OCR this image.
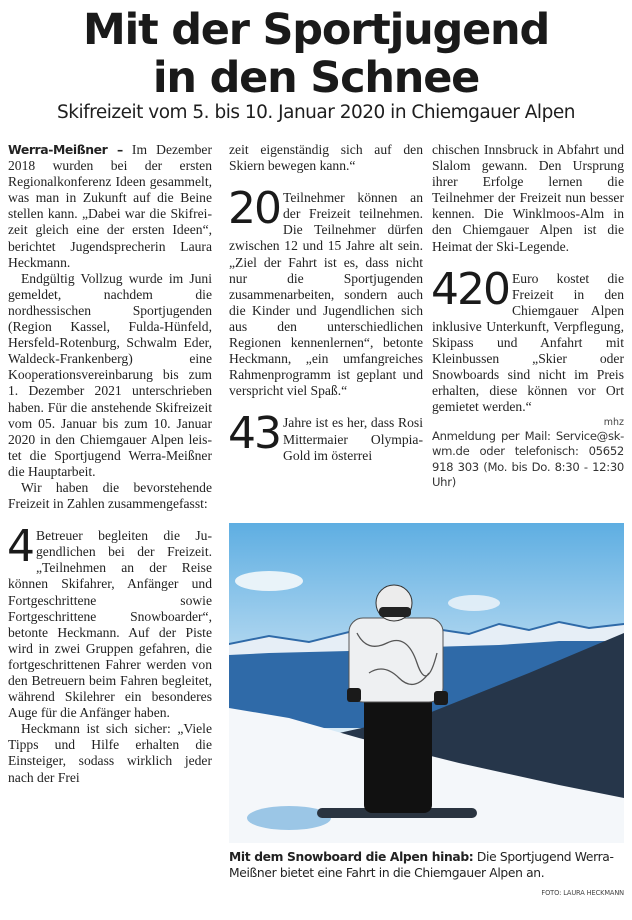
Mit der Sportjugend
in den Schnee
Skifreizeit vom 5. bis 10. Januar 2020 in Chiemgauer Alpen

Werra-Meißner – Im Dezember 2018 wurden bei der ersten Regionalkonferenz Ideen gesammelt, was man in Zukunft auf die Beine stellen kann. „Dabei war die Skifreizeit gleich eine der ersten Ideen“, berichtet Jugendsprecherin Laura Heckmann.

Endgültig Vollzug wurde im Juni gemeldet, nachdem die nordhessischen Sportjugenden (Region Kassel, Fulda-Hünfeld, Hersfeld-Rotenburg, Schwalm Eder, Waldeck-Frankenberg) eine Kooperationsvereinbarung bis zum 1. Dezember 2021 unterschrieben haben. Für die anstehende Skifreizeit vom 05. Januar bis zum 10. Januar 2020 in den Chiemgauer Alpen leistet die Sportjugend Werra-Meißner die Hauptarbeit.

Wir haben die bevorstehende Freizeit in Zahlen zusammengefasst:

4 Betreuer begleiten die Jugendlichen bei der Freizeit. „Teilnehmen an der Reise können Skifahrer, Anfänger und Fortgeschrittene sowie Fortgeschrittene Snowboarder“, betonte Heckmann. Auf der Piste wird in zwei Gruppen gefahren, die fortgeschrittenen Fahrer werden von den Betreuern beim Fahren begleitet, während Skilehrer ein besonderes Auge für die Anfänger haben.

Heckmann ist sich sicher: „Viele Tipps und Hilfe erhalten die Einsteiger, sodass wirklich jeder nach der Frei

zeit eigenständig sich auf den Skiern bewegen kann.“

20 Teilnehmer können an der Freizeit teilnehmen. Die Teilnehmer dürfen zwischen 12 und 15 Jahre alt sein. „Ziel der Fahrt ist es, dass nicht nur die Sportjugenden zusammenarbeiten, sondern auch die Kinder und Jugendlichen sich aus den unterschiedlichen Regionen kennenlernen“, betonte Heckmann, „ein umfangreiches Rahmenprogramm ist geplant und verspricht viel Spaß.“

43 Jahre ist es her, dass Rosi Mittermaier Olympia-Gold im österrei

chischen Innsbruck in Abfahrt und Slalom gewann. Den Ursprung ihrer Erfolge lernen die Teilnehmer der Freizeit nun besser kennen. Die Winklmoos-Alm in den Chiemgauer Alpen ist die Heimat der Ski-Legende.

420 Euro kostet die Freizeit in den Chiemgauer Alpen inklusive Unterkunft, Verpflegung, Skipass und Anfahrt mit Kleinbussen „Skier oder Snowboards sind nicht im Preis erhalten, diese können vor Ort gemietet werden.“

mhz
Anmeldung per Mail: Service@sk-wm.de oder telefonisch: 05652 918 303 (Mo. bis Do. 8:30 - 12:30 Uhr)
Mit dem Snowboard die Alpen hinab: Die Sportjugend Werra-Meißner bietet eine Fahrt in die Chiemgauer Alpen an.
FOTO: LAURA HECKMANN
